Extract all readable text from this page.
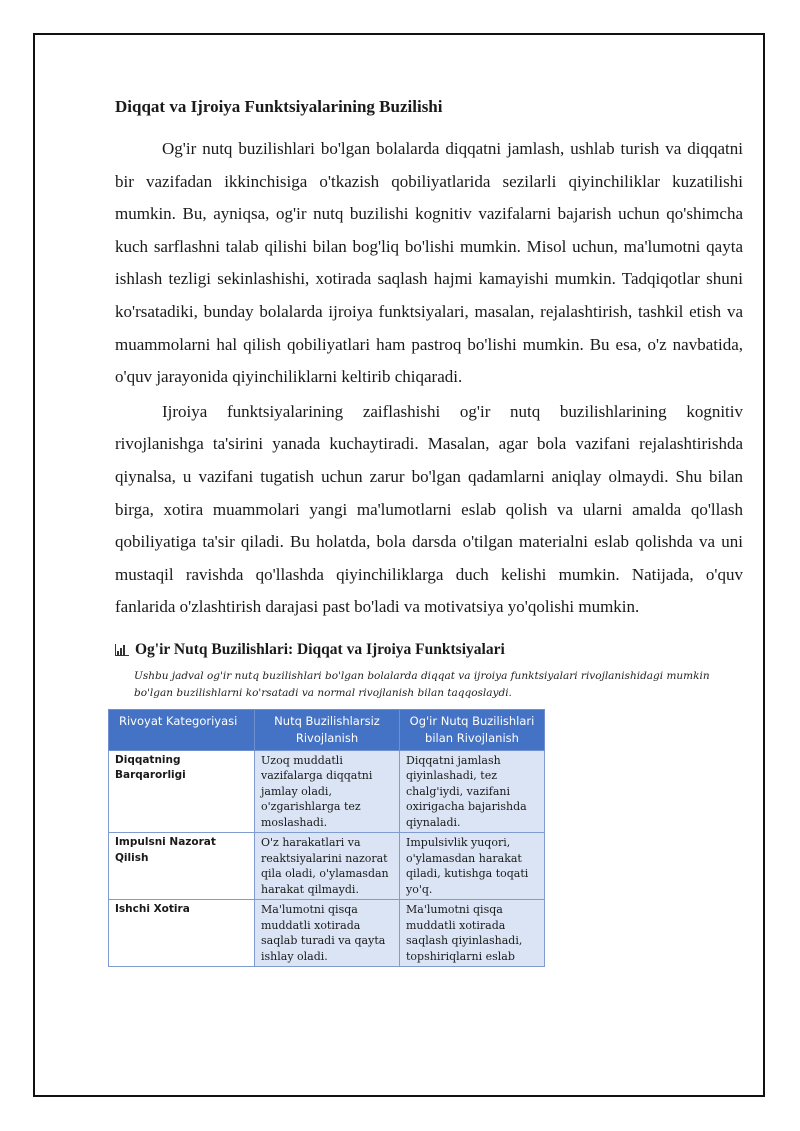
Diqqat va Ijroiya Funktsiyalarining Buzilishi

Og'ir nutq buzilishlari bo'lgan bolalarda diqqatni jamlash, ushlab turish va diqqatni bir vazifadan ikkinchisiga o'tkazish qobiliyatlarida sezilarli qiyinchiliklar kuzatilishi mumkin. Bu, ayniqsa, og'ir nutq buzilishi kognitiv vazifalarni bajarish uchun qo'shimcha kuch sarflashni talab qilishi bilan bog'liq bo'lishi mumkin. Misol uchun, ma'lumotni qayta ishlash tezligi sekinlashishi, xotirada saqlash hajmi kamayishi mumkin. Tadqiqotlar shuni ko'rsatadiki, bunday bolalarda ijroiya funktsiyalari, masalan, rejalashtirish, tashkil etish va muammolarni hal qilish qobiliyatlari ham pastroq bo'lishi mumkin. Bu esa, o'z navbatida, o'quv jarayonida qiyinchiliklarni keltirib chiqaradi.

Ijroiya funktsiyalarining zaiflashishi og'ir nutq buzilishlarining kognitiv rivojlanishga ta'sirini yanada kuchaytiradi. Masalan, agar bola vazifani rejalashtirishda qiynalsa, u vazifani tugatish uchun zarur bo'lgan qadamlarni aniqlay olmaydi. Shu bilan birga, xotira muammolari yangi ma'lumotlarni eslab qolish va ularni amalda qo'llash qobiliyatiga ta'sir qiladi. Bu holatda, bola darsda o'tilgan materialni eslab qolishda va uni mustaqil ravishda qo'llashda qiyinchiliklarga duch kelishi mumkin. Natijada, o'quv fanlarida o'zlashtirish darajasi past bo'ladi va motivatsiya yo'qolishi mumkin.

Og'ir Nutq Buzilishlari: Diqqat va Ijroiya Funktsiyalari
Ushbu jadval og'ir nutq buzilishlari bo'lgan bolalarda diqqat va ijroiya funktsiyalari rivojlanishidagi mumkin bo'lgan buzilishlarni ko'rsatadi va normal rivojlanish bilan taqqoslaydi.
Rivoyat Kategoriyasi	Nutq Buzilishlarsiz Rivojlanish	Og'ir Nutq Buzilishlari bilan Rivojlanish
Diqqatning Barqarorligi	Uzoq muddatli vazifalarga diqqatni jamlay oladi, o'zgarishlarga tez moslashadi.	Diqqatni jamlash qiyinlashadi, tez chalg'iydi, vazifani oxirigacha bajarishda qiynaladi.
Impulsni Nazorat Qilish	O'z harakatlari va reaktsiyalarini nazorat qila oladi, o'ylamasdan harakat qilmaydi.	Impulsivlik yuqori, o'ylamasdan harakat qiladi, kutishga toqati yo'q.
Ishchi Xotira	Ma'lumotni qisqa muddatli xotirada saqlab turadi va qayta ishlay oladi.	Ma'lumotni qisqa muddatli xotirada saqlash qiyinlashadi, topshiriqlarni eslab
